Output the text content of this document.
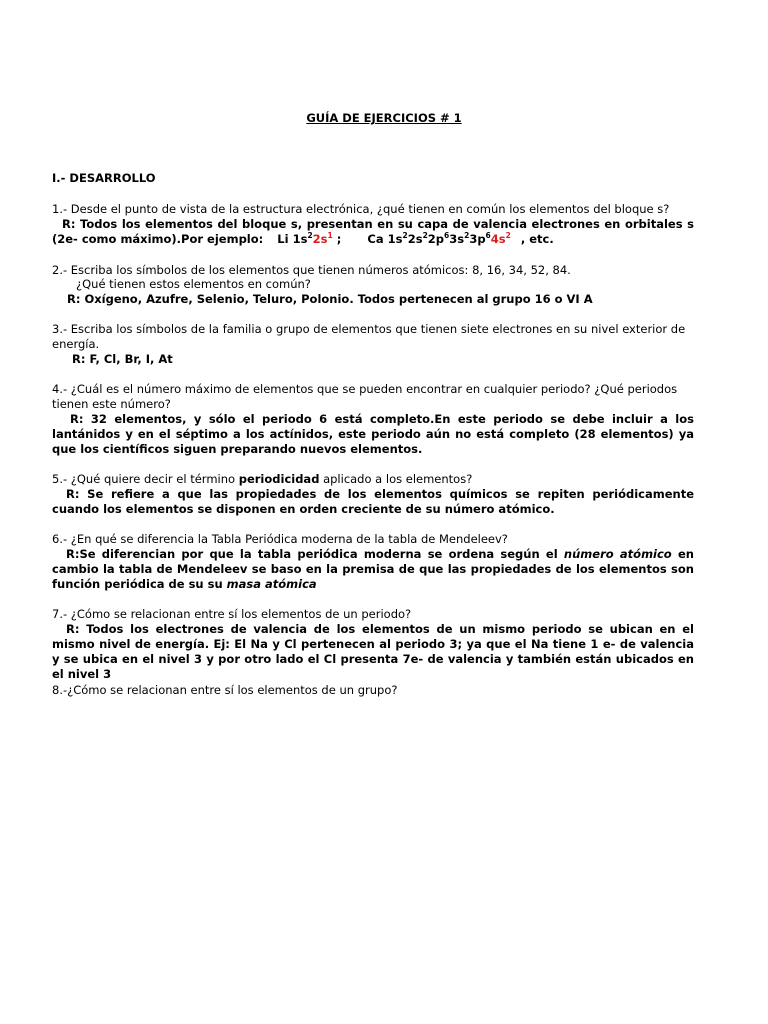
GUÍA DE EJERCICIOS # 1
I.- DESARROLLO
1.- Desde el punto de vista de la estructura electrónica, ¿qué tienen en común los elementos del bloque s?
R: Todos los elementos del bloque s, presentan en su capa de valencia electrones en orbitales s (2e- como máximo).Por ejemplo: Li $1s^22s^1$ ; Ca $1s^22s^22p^63s^23p^64s^2$ , etc.
2.- Escriba los símbolos de los elementos que tienen números atómicos: 8, 16, 34, 52, 84.
¿Qué tienen estos elementos en común?
R: Oxígeno, Azufre, Selenio, Teluro, Polonio. Todos pertenecen al grupo 16 o VI A
3.- Escriba los símbolos de la familia o grupo de elementos que tienen siete electrones en su nivel exterior de energía.
R: F, Cl, Br, I, At
4.- ¿Cuál es el número máximo de elementos que se pueden encontrar en cualquier periodo? ¿Qué periodos tienen este número?
R: 32 elementos, y sólo el periodo 6 está completo.En este periodo se debe incluir a los lantánidos y en el séptimo a los actínidos, este periodo aún no está completo (28 elementos) ya que los científicos siguen preparando nuevos elementos.
5.- ¿Qué quiere decir el término periodicidad aplicado a los elementos?
R: Se refiere a que las propiedades de los elementos químicos se repiten periódicamente cuando los elementos se disponen en orden creciente de su número atómico.
6.- ¿En qué se diferencia la Tabla Periódica moderna de la tabla de Mendeleev?
R:Se diferencian por que la tabla periódica moderna se ordena según el número atómico en cambio la tabla de Mendeleev se baso en la premisa de que las propiedades de los elementos son función periódica de su su masa atómica
7.- ¿Cómo se relacionan entre sí los elementos de un periodo?
R: Todos los electrones de valencia de los elementos de un mismo periodo se ubican en el mismo nivel de energía. Ej: El Na y Cl pertenecen al periodo 3; ya que el Na tiene 1 e- de valencia y se ubica en el nivel 3 y por otro lado el Cl presenta 7e- de valencia y también están ubicados en el nivel 3
8.-¿Cómo se relacionan entre sí los elementos de un grupo?
